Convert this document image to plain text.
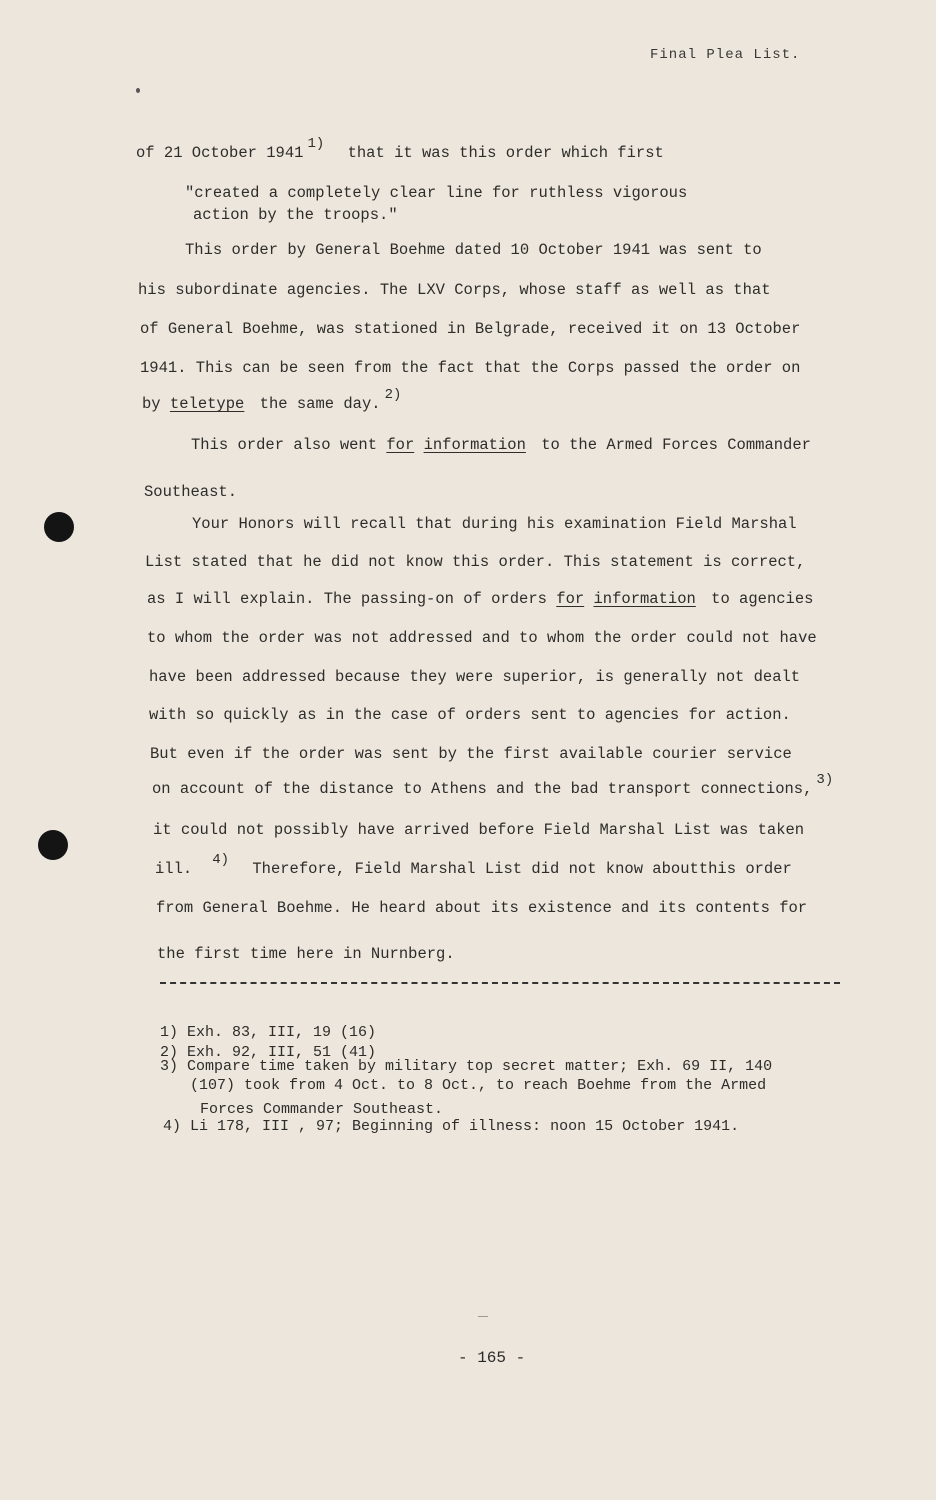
Final Plea List.
of 21 October 1941 1) that it was this order which first
"created a completely clear line for ruthless vigorous
action by the troops."
This order by General Boehme dated 10 October 1941 was sent to
his subordinate agencies. The LXV Corps, whose staff as well as that
of General Boehme, was stationed in Belgrade, received it on 13 October
1941. This can be seen from the fact that the Corps passed the order on
by teletype the same day. 2)
This order also went for information to the Armed Forces Commander
Southeast.
Your Honors will recall that during his examination Field Marshal
List stated that he did not know this order. This statement is correct,
as I will explain. The passing-on of orders for information to agencies
to whom the order was not addressed and to whom the order could not have
have been addressed because they were superior, is generally not dealt
with so quickly as in the case of orders sent to agencies for action.
But even if the order was sent by the first available courier service
on account of the distance to Athens and the bad transport connections, 3)
it could not possibly have arrived before Field Marshal List was taken
ill. 4) Therefore, Field Marshal List did not know aboutthis order
from General Boehme. He heard about its existence and its contents for
the first time here in Nurnberg.
1) Exh. 83, III, 19 (16)
2) Exh. 92, III, 51 (41)
3) Compare time taken by military top secret matter; Exh. 69 II, 140
(107) took from 4 Oct. to 8 Oct., to reach Boehme from the Armed
Forces Commander Southeast.
4) Li 178, III , 97; Beginning of illness: noon 15 October 1941.
- 165 -
